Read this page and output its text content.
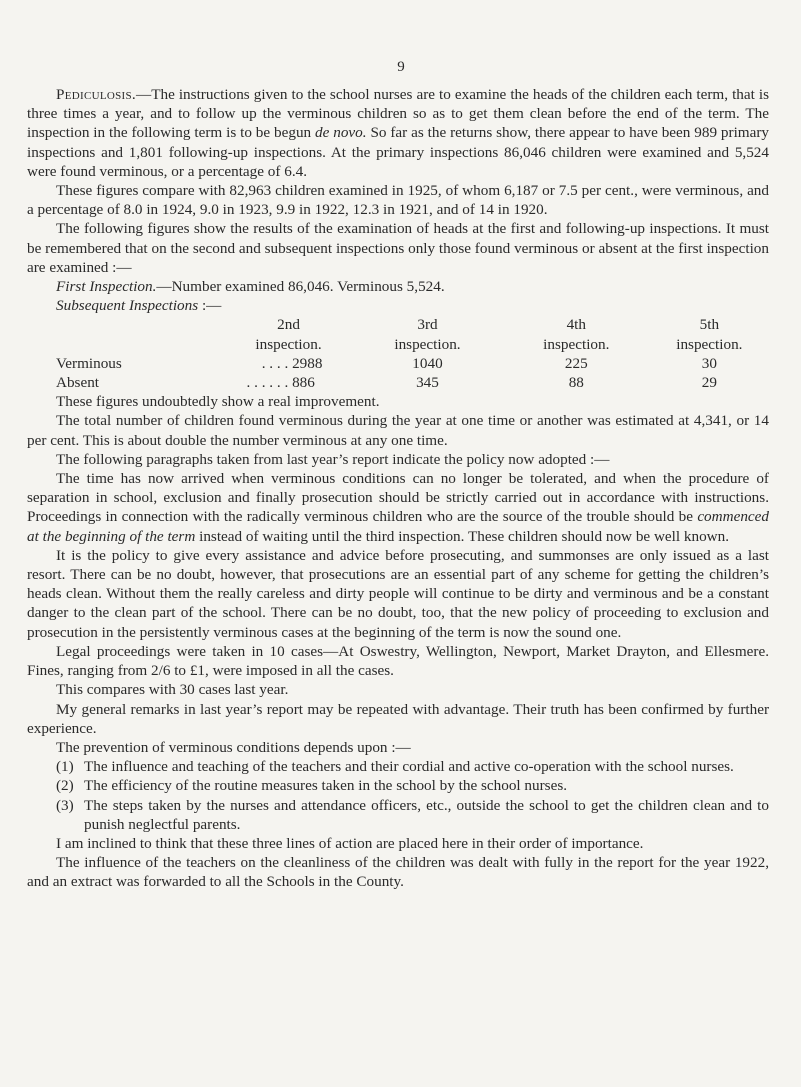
9

Pediculosis.—The instructions given to the school nurses are to examine the heads of the children each term, that is three times a year, and to follow up the verminous children so as to get them clean before the end of the term. The inspection in the following term is to be begun de novo. So far as the returns show, there appear to have been 989 primary inspections and 1,801 following-up inspections. At the primary inspections 86,046 children were examined and 5,524 were found verminous, or a percentage of 6.4.

These figures compare with 82,963 children examined in 1925, of whom 6,187 or 7.5 per cent., were verminous, and a percentage of 8.0 in 1924, 9.0 in 1923, 9.9 in 1922, 12.3 in 1921, and of 14 in 1920.

The following figures show the results of the examination of heads at the first and following-up inspections. It must be remembered that on the second and subsequent inspections only those found verminous or absent at the first inspection are examined :—

First Inspection.—Number examined 86,046. Verminous 5,524.
Subsequent Inspections :—
	2nd	3rd	4th	5th
	inspection.	inspection.	inspection.	inspection.
Verminous	. . . . 2988	1040	225	30
Absent	. . . . . . 886	345	88	29

These figures undoubtedly show a real improvement.

The total number of children found verminous during the year at one time or another was estimated at 4,341, or 14 per cent. This is about double the number verminous at any one time.

The following paragraphs taken from last year’s report indicate the policy now adopted :—

The time has now arrived when verminous conditions can no longer be tolerated, and when the procedure of separation in school, exclusion and finally prosecution should be strictly carried out in accordance with instructions. Proceedings in connection with the radically verminous children who are the source of the trouble should be commenced at the beginning of the term instead of waiting until the third inspection. These children should now be well known.

It is the policy to give every assistance and advice before prosecuting, and summonses are only issued as a last resort. There can be no doubt, however, that prosecutions are an essential part of any scheme for getting the children’s heads clean. Without them the really careless and dirty people will continue to be dirty and verminous and be a constant danger to the clean part of the school. There can be no doubt, too, that the new policy of proceeding to exclusion and prosecution in the persistently verminous cases at the beginning of the term is now the sound one.

Legal proceedings were taken in 10 cases—At Oswestry, Wellington, Newport, Market Drayton, and Ellesmere. Fines, ranging from 2/6 to £1, were imposed in all the cases.

This compares with 30 cases last year.

My general remarks in last year’s report may be repeated with advantage. Their truth has been confirmed by further experience.

The prevention of verminous conditions depends upon :—

(1) The influence and teaching of the teachers and their cordial and active co-operation with the school nurses.
(2) The efficiency of the routine measures taken in the school by the school nurses.
(3) The steps taken by the nurses and attendance officers, etc., outside the school to get the children clean and to punish neglectful parents.

I am inclined to think that these three lines of action are placed here in their order of importance.

The influence of the teachers on the cleanliness of the children was dealt with fully in the report for the year 1922, and an extract was forwarded to all the Schools in the County.
